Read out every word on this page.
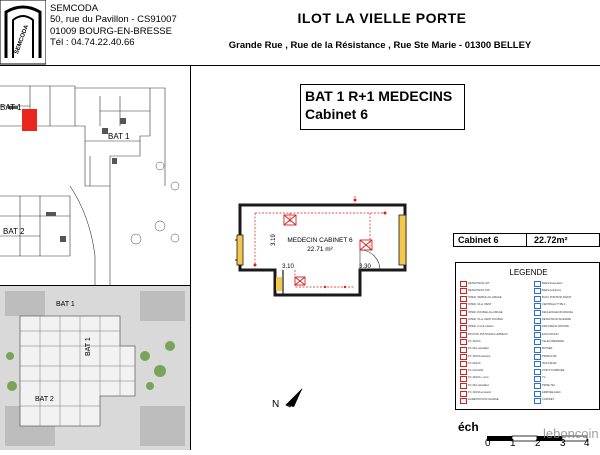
SEMCODA
SEMCODA
50, rue du Pavillon - CS91007
01009 BOURG-EN-BRESSE
Tél : 04.74.22.40.66
ILOT LA VIELLE PORTE
Grande Rue , Rue de la Résistance , Rue Ste Marie - 01300 BELLEY
BAT 1
BAT 1
BAT 2
BAT 1
BAT 1
BAT 2
BAT 1 R+1 MEDECINS
Cabinet 6
MEDECIN CABINET 6
22.71 m²
3.10	3.30
3.19
N
Cabinet 6	22.72m²
LEGENDE
DETECTEUR HVT
DETECTEUR TOP
INTER. SIMPLE ALLUMAGE
INTER. VA et VIENT
INTER. DOUBLE ALLUMAGE
INTER. VA et VIENT DOUBLE
INTER. A CLE rotative
BOUTON POUSSOIR LUMINEUX
PC 10/16A
PC 20A spécialisé
PC 10/16A étanche
PC 20/32A
PC 2x10/16A
PC 10/16A + terre
PC 32A spécialisé
PC 10/16A encastré
ALIMENTATION CHARGE
BAES Evacuation
BAES Ambiance
BLOC PORTATIF D'ETAT
CENTRALE TYPE 4
DECLENCHEUR MANUEL
DETECTEUR INCENDIE
DIFFUSEUR SONORE
EVACUATION
TELECOMMANDE
BOITIER
PRISE RJ45
ISOLATEUR
POINT D'ARRIVEE
TV
PRISE TEL
ARRIVEE ELEC
COFFRET
éch
0 1 2 3 4
leboncoin
